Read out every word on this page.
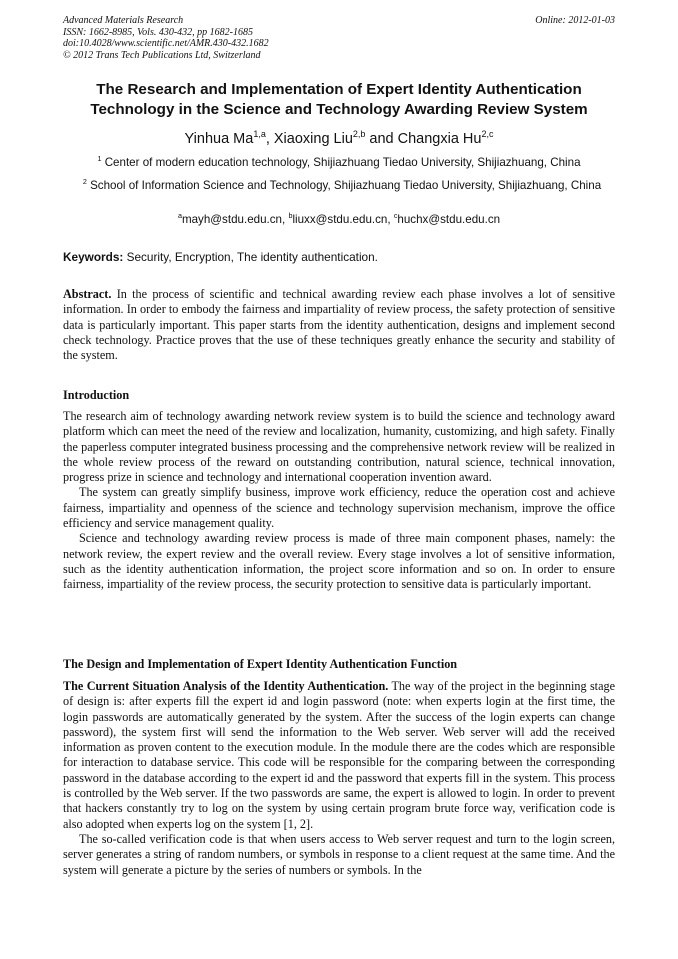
Advanced Materials Research
ISSN: 1662-8985, Vols. 430-432, pp 1682-1685
doi:10.4028/www.scientific.net/AMR.430-432.1682
© 2012 Trans Tech Publications Ltd, Switzerland
Online: 2012-01-03
The Research and Implementation of Expert Identity Authentication Technology in the Science and Technology Awarding Review System
Yinhua Ma$^{1,a}$, Xiaoxing Liu$^{2,b}$ and Changxia Hu$^{2,c}$
$^1$ Center of modern education technology, Shijiazhuang Tiedao University, Shijiazhuang, China
$^2$ School of Information Science and Technology, Shijiazhuang Tiedao University, Shijiazhuang, China
$^a$mayh@stdu.edu.cn, $^b$liuxx@stdu.edu.cn, $^c$huchx@stdu.edu.cn
Keywords: Security, Encryption, The identity authentication.

Abstract. In the process of scientific and technical awarding review each phase involves a lot of sensitive information. In order to embody the fairness and impartiality of review process, the safety protection of sensitive data is particularly important. This paper starts from the identity authentication, designs and implement second check technology. Practice proves that the use of these techniques greatly enhance the security and stability of the system.

Introduction

The research aim of technology awarding network review system is to build the science and technology award platform which can meet the need of the review and localization, humanity, customizing, and high safety. Finally the paperless computer integrated business processing and the comprehensive network review will be realized in the whole review process of the reward on outstanding contribution, natural science, technical innovation, progress prize in science and technology and international cooperation invention award.

The system can greatly simplify business, improve work efficiency, reduce the operation cost and achieve fairness, impartiality and openness of the science and technology supervision mechanism, improve the office efficiency and service management quality.

Science and technology awarding review process is made of three main component phases, namely: the network review, the expert review and the overall review. Every stage involves a lot of sensitive information, such as the identity authentication information, the project score information and so on. In order to ensure fairness, impartiality of the review process, the security protection to sensitive data is particularly important.

The Design and Implementation of Expert Identity Authentication Function

The Current Situation Analysis of the Identity Authentication. The way of the project in the beginning stage of design is: after experts fill the expert id and login password (note: when experts login at the first time, the login passwords are automatically generated by the system. After the success of the login experts can change password), the system first will send the information to the Web server. Web server will add the received information as proven content to the execution module. In the module there are the codes which are responsible for interaction to database service. This code will be responsible for the comparing between the corresponding password in the database according to the expert id and the password that experts fill in the system. This process is controlled by the Web server. If the two passwords are same, the expert is allowed to login. In order to prevent that hackers constantly try to log on the system by using certain program brute force way, verification code is also adopted when experts log on the system [1, 2].

The so-called verification code is that when users access to Web server request and turn to the login screen, server generates a string of random numbers, or symbols in response to a client request at the same time. And the system will generate a picture by the series of numbers or symbols. In the
